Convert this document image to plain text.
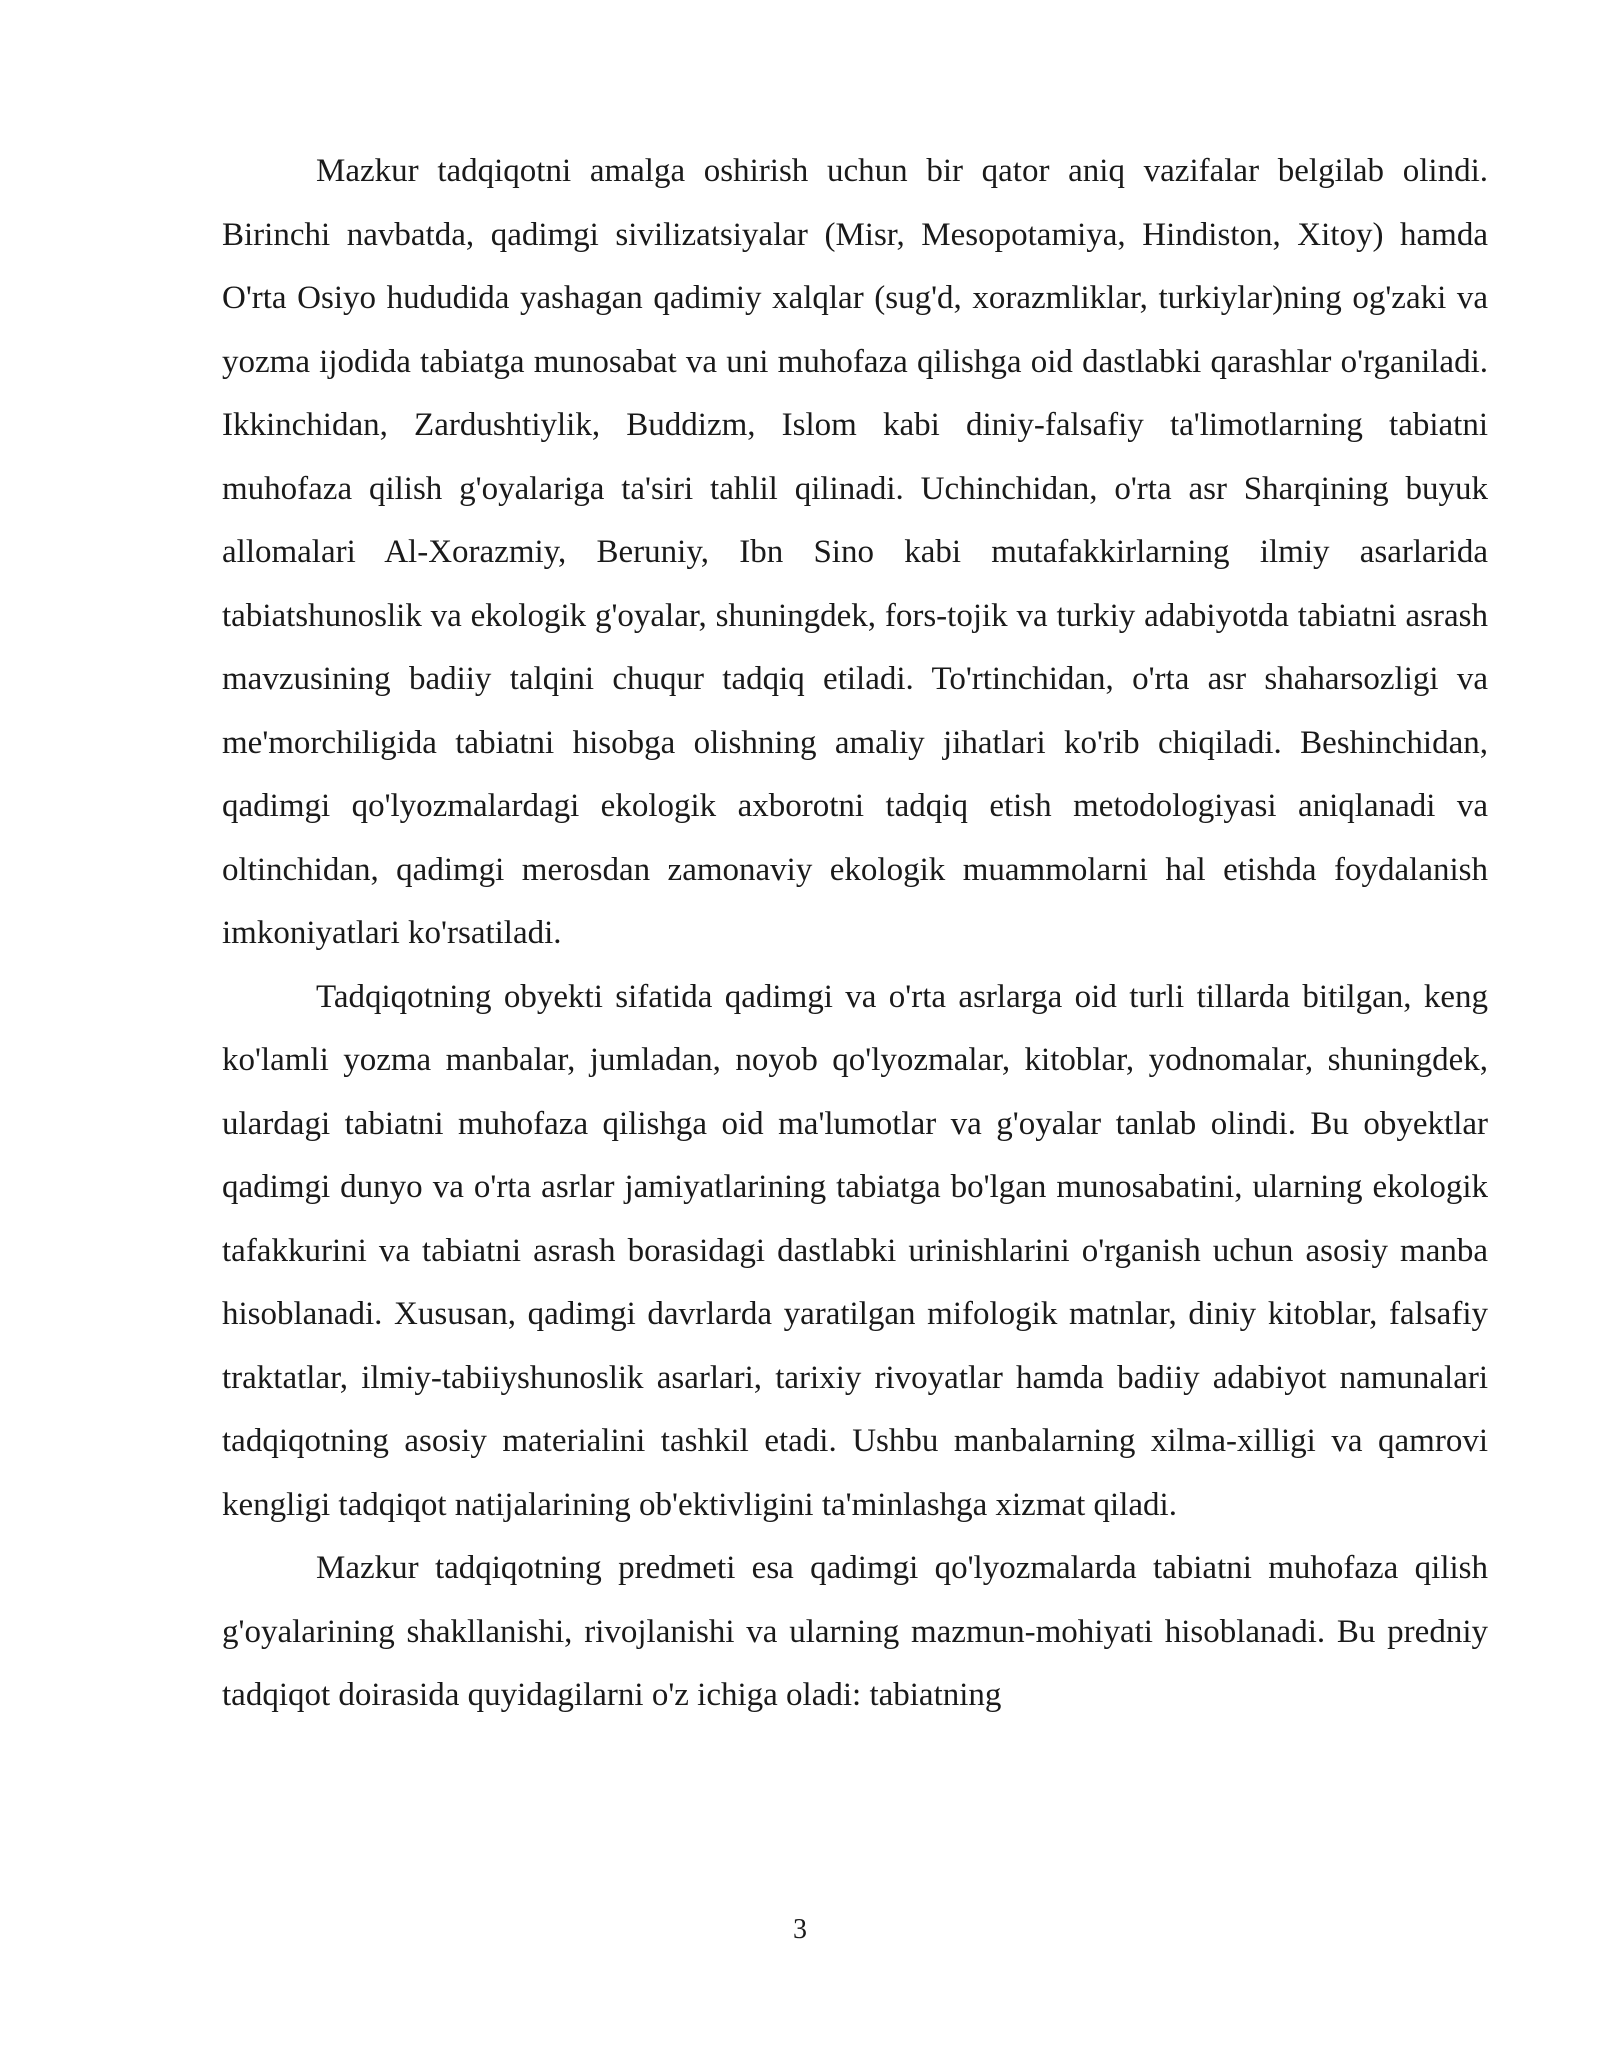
Mazkur tadqiqotni amalga oshirish uchun bir qator aniq vazifalar belgilab olindi. Birinchi navbatda, qadimgi sivilizatsiyalar (Misr, Mesopotamiya, Hindiston, Xitoy) hamda O'rta Osiyo hududida yashagan qadimiy xalqlar (sug'd, xorazmliklar, turkiylar)ning og'zaki va yozma ijodida tabiatga munosabat va uni muhofaza qilishga oid dastlabki qarashlar o'rganiladi. Ikkinchidan, Zardushtiylik, Buddizm, Islom kabi diniy-falsafiy ta'limotlarning tabiatni muhofaza qilish g'oyalariga ta'siri tahlil qilinadi. Uchinchidan, o'rta asr Sharqining buyuk allomalari Al-Xorazmiy, Beruniy, Ibn Sino kabi mutafakkirlarning ilmiy asarlarida tabiatshunoslik va ekologik g'oyalar, shuningdek, fors-tojik va turkiy adabiyotda tabiatni asrash mavzusining badiiy talqini chuqur tadqiq etiladi. To'rtinchidan, o'rta asr shaharsozligi va me'morchiligida tabiatni hisobga olishning amaliy jihatlari ko'rib chiqiladi. Beshinchidan, qadimgi qo'lyozmalardagi ekologik axborotni tadqiq etish metodologiyasi aniqlanadi va oltinchidan, qadimgi merosdan zamonaviy ekologik muammolarni hal etishda foydalanish imkoniyatlari ko'rsatiladi.

Tadqiqotning obyekti sifatida qadimgi va o'rta asrlarga oid turli tillarda bitilgan, keng ko'lamli yozma manbalar, jumladan, noyob qo'lyozmalar, kitoblar, yodnomalar, shuningdek, ulardagi tabiatni muhofaza qilishga oid ma'lumotlar va g'oyalar tanlab olindi. Bu obyektlar qadimgi dunyo va o'rta asrlar jamiyatlarining tabiatga bo'lgan munosabatini, ularning ekologik tafakkurini va tabiatni asrash borasidagi dastlabki urinishlarini o'rganish uchun asosiy manba hisoblanadi. Xususan, qadimgi davrlarda yaratilgan mifologik matnlar, diniy kitoblar, falsafiy traktatlar, ilmiy-tabiiyshunoslik asarlari, tarixiy rivoyatlar hamda badiiy adabiyot namunalari tadqiqotning asosiy materialini tashkil etadi. Ushbu manbalarning xilma-xilligi va qamrovi kengligi tadqiqot natijalarining ob'ektivligini ta'minlashga xizmat qiladi.

Mazkur tadqiqotning predmeti esa qadimgi qo'lyozmalarda tabiatni muhofaza qilish g'oyalarining shakllanishi, rivojlanishi va ularning mazmun-mohiyati hisoblanadi. Bu predniy tadqiqot doirasida quyidagilarni o'z ichiga oladi: tabiatning

3
